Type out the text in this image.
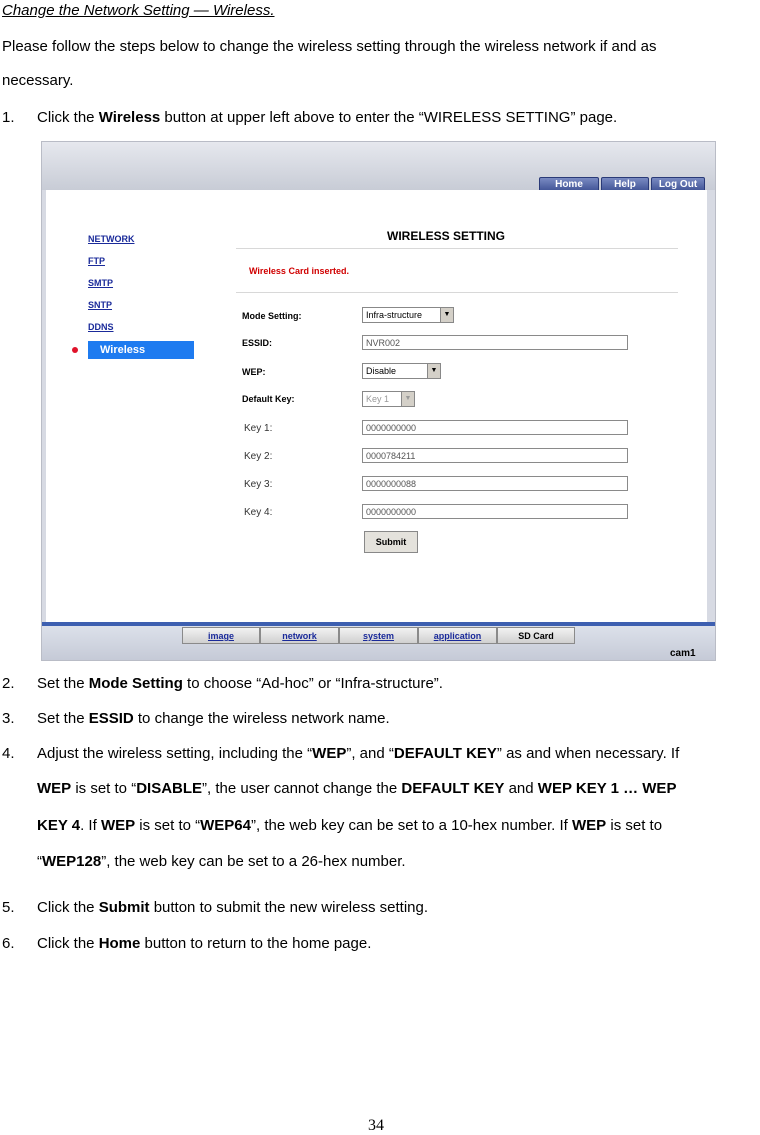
Change the Network Setting — Wireless.
Please follow the steps below to change the wireless setting through the wireless network if and as
necessary.
1. Click the Wireless button at upper left above to enter the “WIRELESS SETTING” page.
Home	Help	Log Out
NETWORK
FTP
SMTP
SNTP
DDNS
Wireless
WIRELESS SETTING
Wireless Card inserted.
Mode Setting:	Infra-structure	▼
ESSID:	NVR002
WEP:	Disable	▼
Default Key:	Key 1	▼
Key 1:	0000000000
Key 2:	0000784211
Key 3:	0000000088
Key 4:	0000000000
Submit
image	network	system	application	SD Card
cam1
2. Set the Mode Setting to choose “Ad-hoc” or “Infra-structure”.
3. Set the ESSID to change the wireless network name.
4. Adjust the wireless setting, including the “WEP”, and “DEFAULT KEY” as and when necessary. If
WEP is set to “DISABLE”, the user cannot change the DEFAULT KEY and WEP KEY 1 … WEP
KEY 4. If WEP is set to “WEP64”, the web key can be set to a 10-hex number. If WEP is set to
“WEP128”, the web key can be set to a 26-hex number.
5. Click the Submit button to submit the new wireless setting.
6. Click the Home button to return to the home page.
34
